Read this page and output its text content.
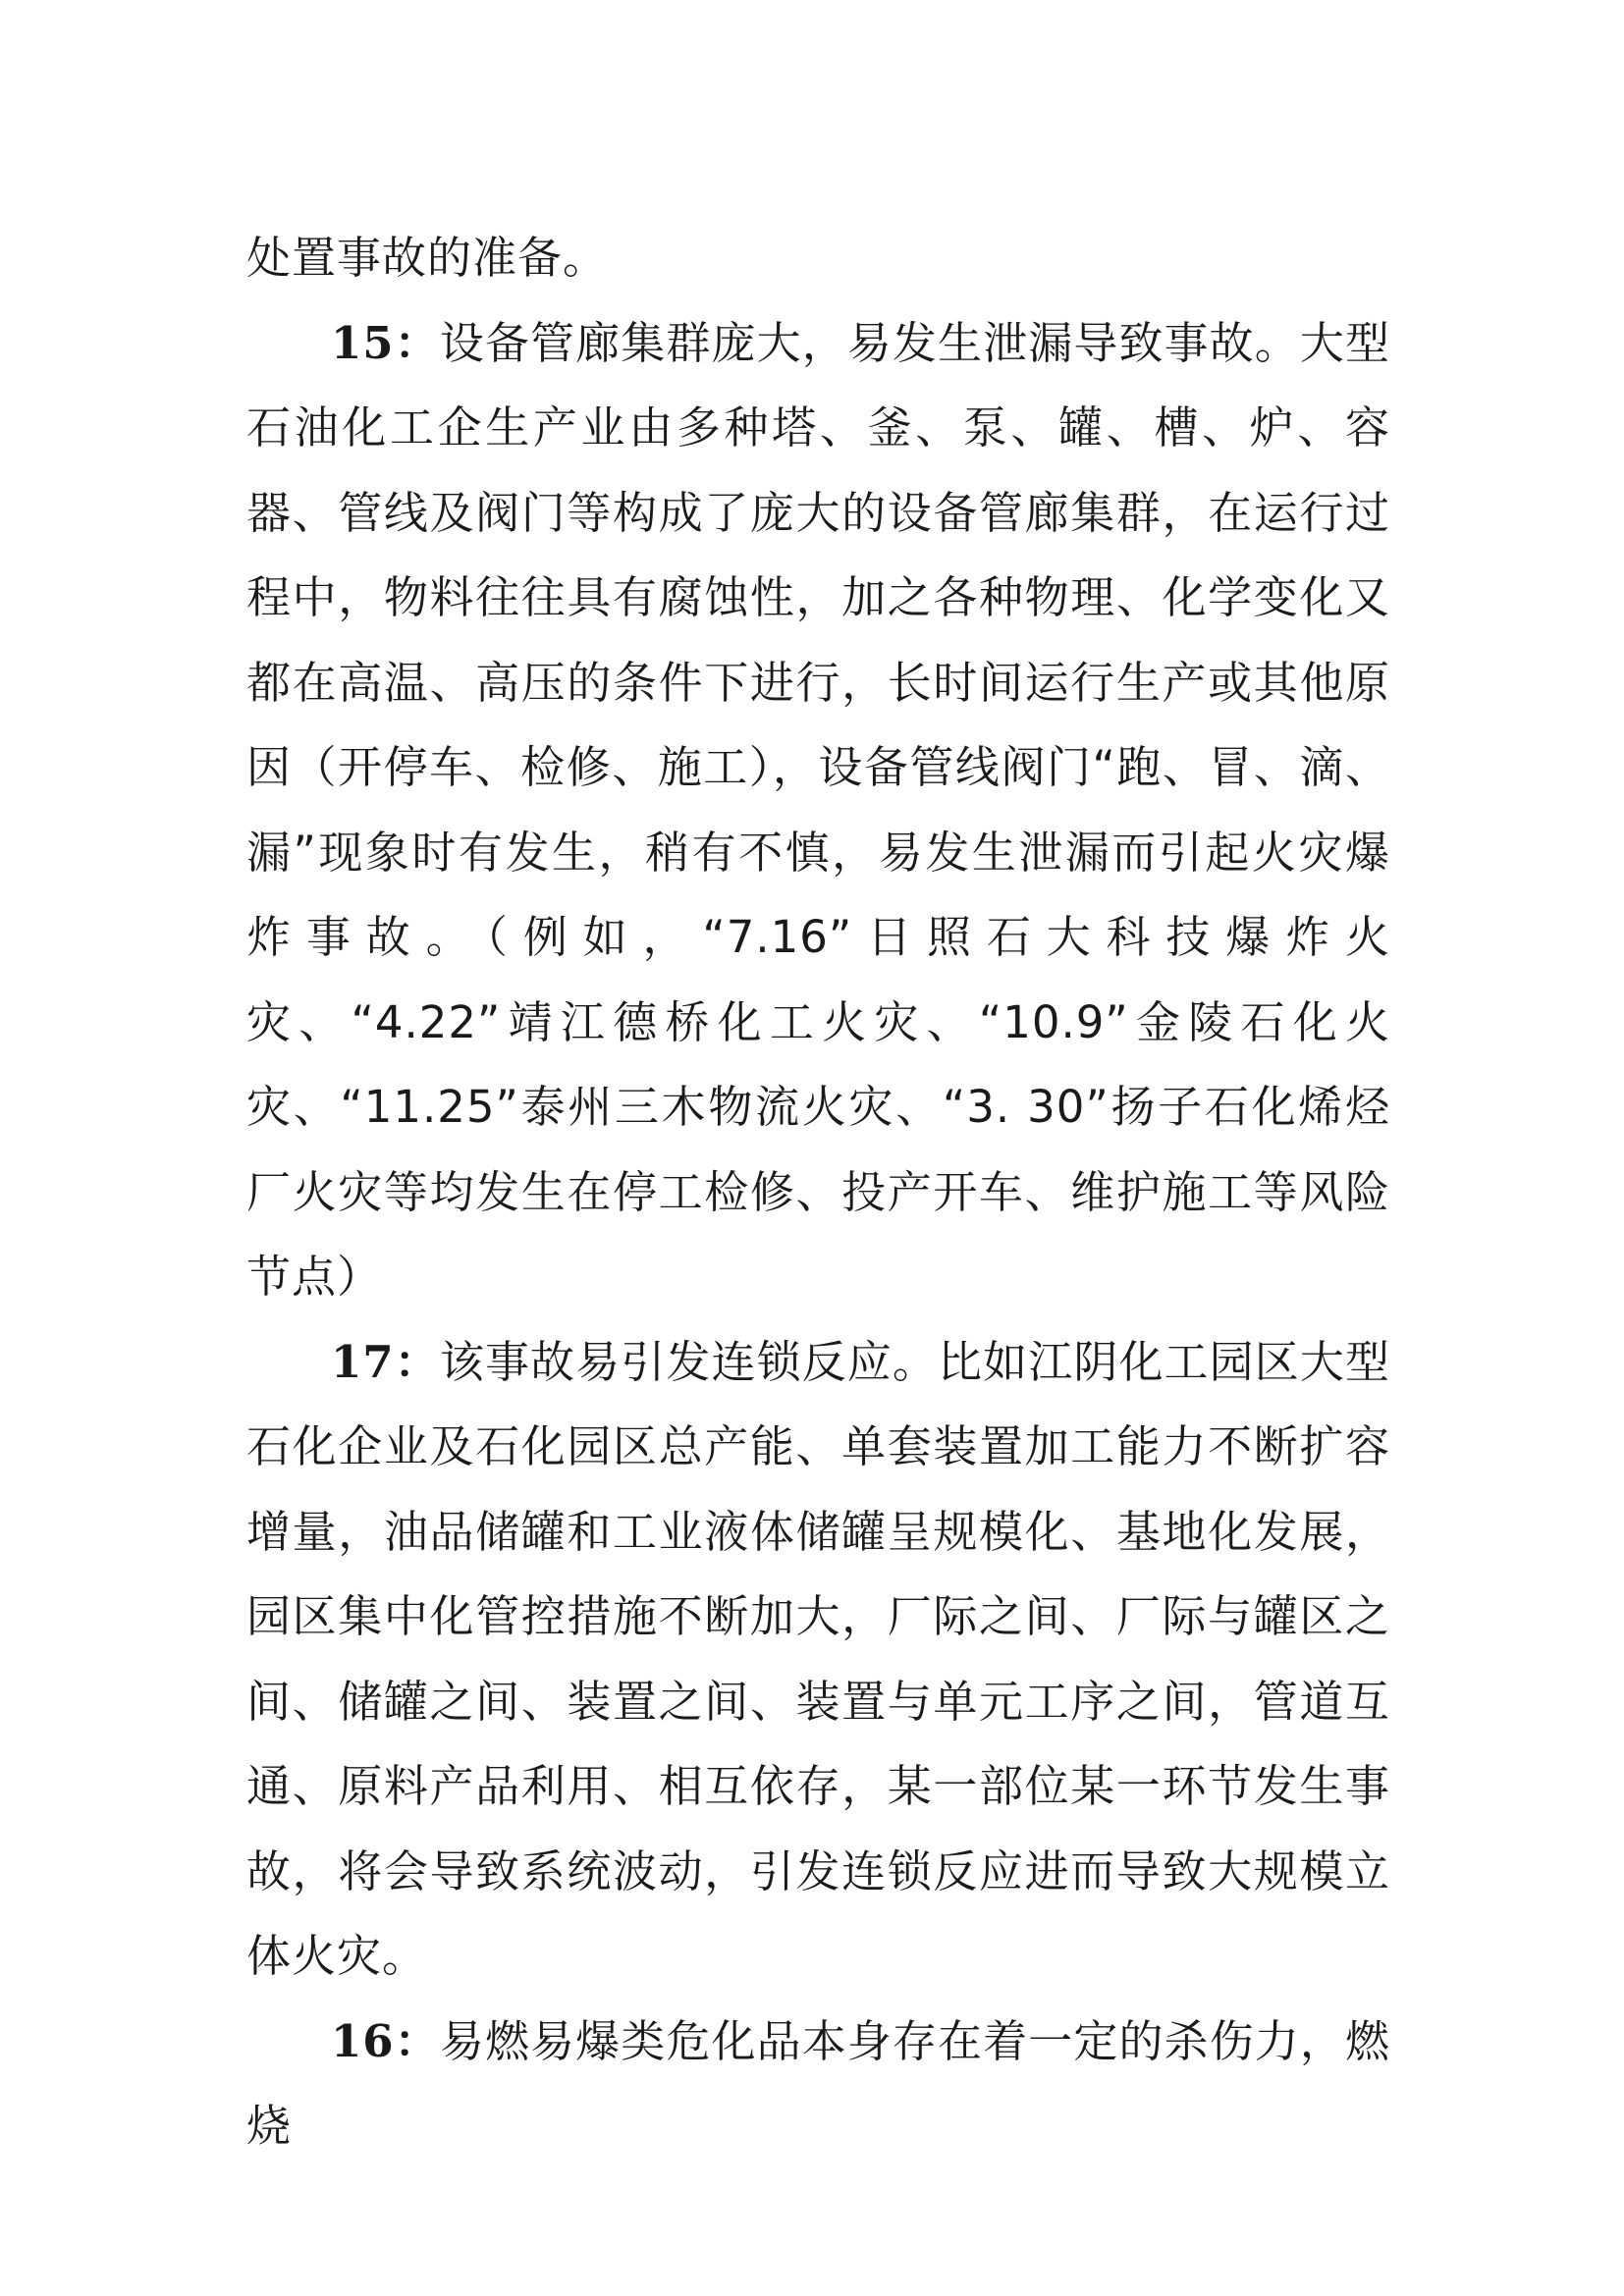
处置事故的准备。

15：设备管廊集群庞大，易发生泄漏导致事故。大型石油化工企生产业由多种塔、釜、泵、罐、槽、炉、容器、管线及阀门等构成了庞大的设备管廊集群，在运行过程中，物料往往具有腐蚀性，加之各种物理、化学变化又都在高温、高压的条件下进行，长时间运行生产或其他原因（开停车、检修、施工），设备管线阀门“跑、冒、滴、漏”现象时有发生，稍有不慎，易发生泄漏而引起火灾爆炸事故。（例如，“7.16”日照石大科技爆炸火灾、“4.22”靖江德桥化工火灾、“10.9”金陵石化火灾、“11.25”泰州三木物流火灾、“3. 30”扬子石化烯烃厂火灾等均发生在停工检修、投产开车、维护施工等风险节点）

17：该事故易引发连锁反应。比如江阴化工园区大型石化企业及石化园区总产能、单套装置加工能力不断扩容增量，油品储罐和工业液体储罐呈规模化、基地化发展，园区集中化管控措施不断加大，厂际之间、厂际与罐区之间、储罐之间、装置之间、装置与单元工序之间，管道互通、原料产品利用、相互依存，某一部位某一环节发生事故，将会导致系统波动，引发连锁反应进而导致大规模立体火灾。

16：易燃易爆类危化品本身存在着一定的杀伤力，燃烧
